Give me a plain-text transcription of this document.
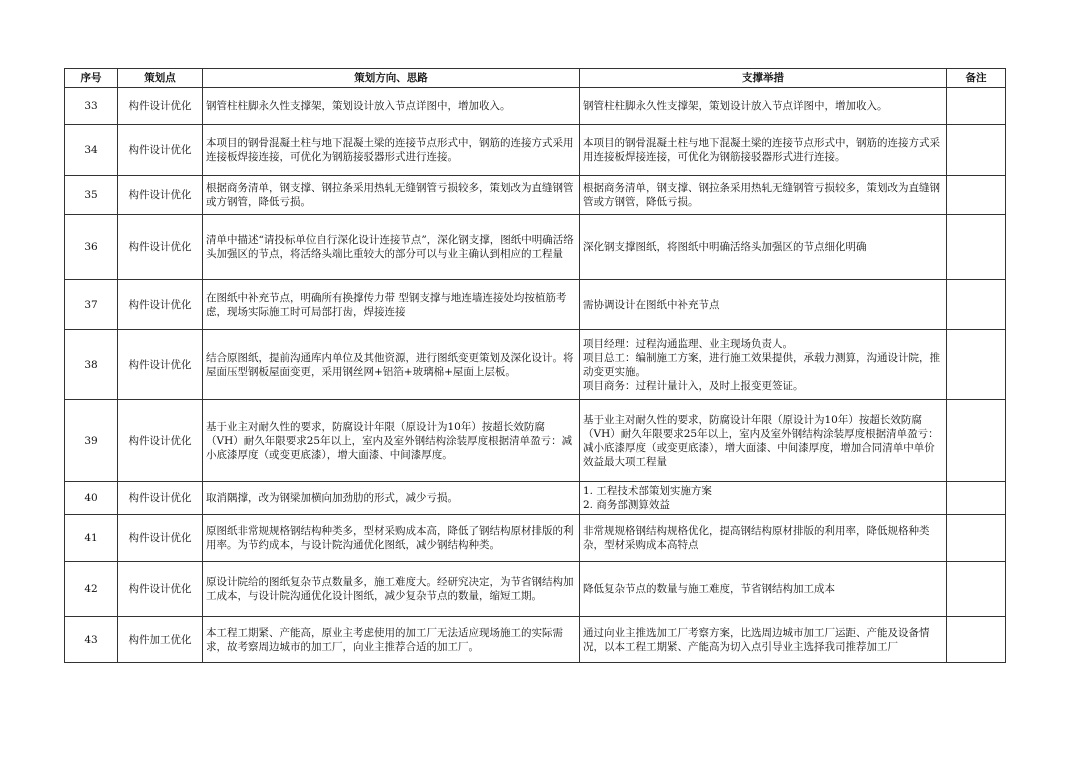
序号	策划点	策划方向、思路	支撑举措	备注
33	构件设计优化	钢管柱柱脚永久性支撑架，策划设计放入节点详图中，增加收入。	钢管柱柱脚永久性支撑架，策划设计放入节点详图中，增加收入。	

34	构件设计优化	本项目的钢骨混凝土柱与地下混凝土梁的连接节点形式中，钢筋的连接方式采用连接板焊接连接，可优化为钢筋接驳器形式进行连接。	本项目的钢骨混凝土柱与地下混凝土梁的连接节点形式中，钢筋的连接方式采用连接板焊接连接，可优化为钢筋接驳器形式进行连接。	

35	构件设计优化	根据商务清单，钢支撑、钢拉条采用热轧无缝钢管亏损较多，策划改为直缝钢管或方钢管，降低亏损。	根据商务清单，钢支撑、钢拉条采用热轧无缝钢管亏损较多，策划改为直缝钢管或方钢管，降低亏损。	

36	构件设计优化	清单中描述“请投标单位自行深化设计连接节点”，深化钢支撑，图纸中明确活络头加强区的节点，将活络头端比重较大的部分可以与业主确认到相应的工程量	深化钢支撑图纸，将图纸中明确活络头加强区的节点细化明确	

37	构件设计优化	在图纸中补充节点，明确所有换撑传力带 型钢支撑与地连墙连接处均按植筋考虑，现场实际施工时可局部打齿，焊接连接	需协调设计在图纸中补充节点	

38	构件设计优化	结合原图纸，提前沟通库内单位及其他资源，进行图纸变更策划及深化设计。将屋面压型钢板屋面变更，采用钢丝网+铝箔+玻璃棉+屋面上层板。	项目经理：过程沟通监理、业主现场负责人。
项目总工：编制施工方案，进行施工效果提供，承载力测算，沟通设计院，推动变更实施。
项目商务：过程计量计入，及时上报变更签证。	

39	构件设计优化	基于业主对耐久性的要求，防腐设计年限（原设计为10年）按超长效防腐（VH）耐久年限要求25年以上，室内及室外钢结构涂装厚度根据清单盈亏：减小底漆厚度（或变更底漆），增大面漆、中间漆厚度。	基于业主对耐久性的要求，防腐设计年限（原设计为10年）按超长效防腐（VH）耐久年限要求25年以上，室内及室外钢结构涂装厚度根据清单盈亏：减小底漆厚度（或变更底漆），增大面漆、中间漆厚度，增加合同清单中单价效益最大项工程量	

40	构件设计优化	取消隅撑，改为钢梁加横向加劲肋的形式，减少亏损。	1. 工程技术部策划实施方案
2. 商务部测算效益	

41	构件设计优化	原图纸非常规规格钢结构种类多，型材采购成本高，降低了钢结构原材排版的利用率。为节约成本，与设计院沟通优化图纸，减少钢结构种类。	非常规规格钢结构规格优化，提高钢结构原材排版的利用率，降低规格种类杂，型材采购成本高特点	

42	构件设计优化	原设计院给的图纸复杂节点数量多，施工难度大。经研究决定，为节省钢结构加工成本，与设计院沟通优化设计图纸，减少复杂节点的数量，缩短工期。	降低复杂节点的数量与施工难度，节省钢结构加工成本	

43	构件加工优化	本工程工期紧、产能高，原业主考虑使用的加工厂无法适应现场施工的实际需求，故考察周边城市的加工厂，向业主推荐合适的加工厂。	通过向业主推选加工厂考察方案，比选周边城市加工厂运距、产能及设备情况，以本工程工期紧、产能高为切入点引导业主选择我司推荐加工厂	
